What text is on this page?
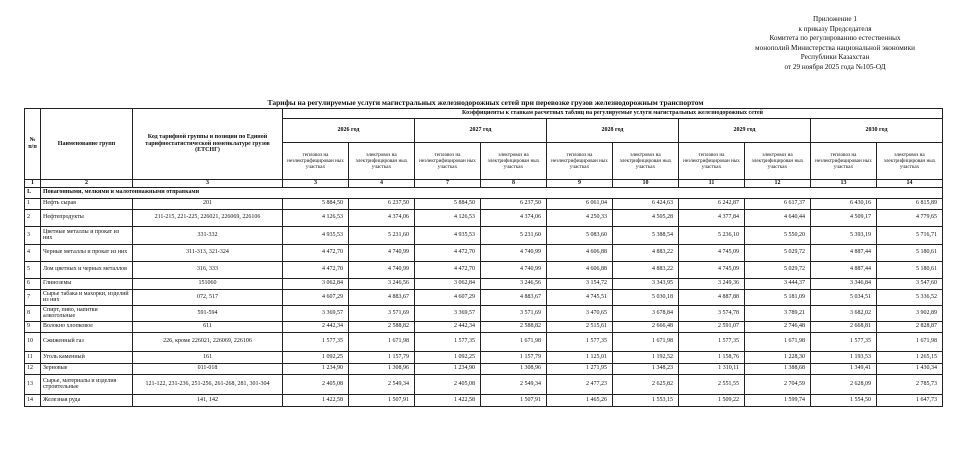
Приложение 1
к приказу Председателя
Комитета по регулированию естественных
монополий Министерства национальной экономики
Республики Казахстан
от 29 ноября 2025 года №105-ОД
Тарифы на регулируемые услуги магистральных железнодорожных сетей при перевозке грузов железнодорожным транспортом
№ п/п	Наименование групп	Код тарифной группы и позиции по Единой тарифностатистической номенклатуре грузов (ЕТСНГ)	Коэффициенты к ставкам расчетных таблиц на регулируемые услуги магистральных железнодорожных сетей									
			2026 год		2027 год		2028 год		2029 год		2030 год	
			тепловоз на неэлектрифицирован ных участках	электровоз на электрифицирован ных участках	тепловоз на неэлектрифицирован ных участках	электровоз на электрифицирован ных участках	тепловоз на неэлектрифицирован ных участках	электровоз на электрифицирован ных участках	тепловоз на неэлектрифицирован ных участках	электровоз на электрифицирован ных участках	тепловоз на неэлектрифицирован ных участках	электровоз на электрифицирован ных участках
1	2	3	3	4	7	8	9	10	11	12	13	14
I.	Повагонными, мелкими и малотоннажными отправками											
1	Нефть сырая	201	5 884,50	6 237,50	5 884,50	6 237,50	6 061,04	6 424,63	6 242,87	6 617,37	6 430,16	6 815,89
2	Нефтепродукты	211-215, 221-225, 226021, 226069, 226106	4 126,53	4 374,06	4 126,53	4 374,06	4 250,33	4 505,28	4 377,84	4 640,44	4 509,17	4 779,65
3	Цветные металлы и прокат из них	331-332	4 935,53	5 231,60	4 935,53	5 231,60	5 083,60	5 388,54	5 236,10	5 550,20	5 393,19	5 716,71
4	Черные металлы и прокат из них	311-313, 321-324	4 472,70	4 740,99	4 472,70	4 740,99	4 606,88	4 883,22	4 745,09	5 029,72	4 887,44	5 180,61
5	Лом цветных и черных металлов	316, 333	4 472,70	4 740,99	4 472,70	4 740,99	4 606,88	4 883,22	4 745,09	5 029,72	4 887,44	5 180,61
6	Глиноземы	151060	3 062,84	3 246,56	3 062,84	3 246,56	3 154,72	3 343,95	3 249,36	3 444,37	3 346,84	3 547,60
7	Сырье табака и махорки, изделий из них	072, 517	4 607,29	4 883,67	4 607,29	4 883,67	4 745,51	5 030,18	4 887,88	5 181,09	5 034,51	5 336,52
8	Спирт, пиво, напитки алкогольные	591-594	3 369,57	3 571,69	3 369,57	3 571,69	3 470,65	3 678,84	3 574,78	3 789,21	3 682,02	3 902,89
9	Волокно хлопковое	611	2 442,34	2 588,82	2 442,34	2 588,82	2 515,61	2 666,48	2 591,07	2 746,48	2 668,81	2 828,87
10	Сжиженный газ	226, кроме 226021, 226069, 226106	1 577,35	1 671,98	1 577,35	1 671,98	1 577,35	1 671,98	1 577,35	1 671,98	1 577,35	1 671,98
11	Уголь каменный	161	1 092,25	1 157,79	1 092,25	1 157,79	1 125,01	1 192,52	1 158,76	1 228,30	1 193,53	1 265,15
12	Зерновые	011-018	1 234,90	1 308,96	1 234,90	1 308,96	1 271,95	1 348,23	1 310,11	1 388,68	1 349,41	1 430,34
13	Сырье, материалы и изделия строительные	121-122, 231-236, 251-256, 261-268, 281, 301-304	2 405,08	2 549,34	2 405,08	2 549,34	2 477,23	2 625,82	2 551,55	2 704,59	2 628,09	2 785,73
14	Железная руда	141, 142	1 422,58	1 507,91	1 422,58	1 507,91	1 465,26	1 553,15	1 509,22	1 599,74	1 554,50	1 647,73
